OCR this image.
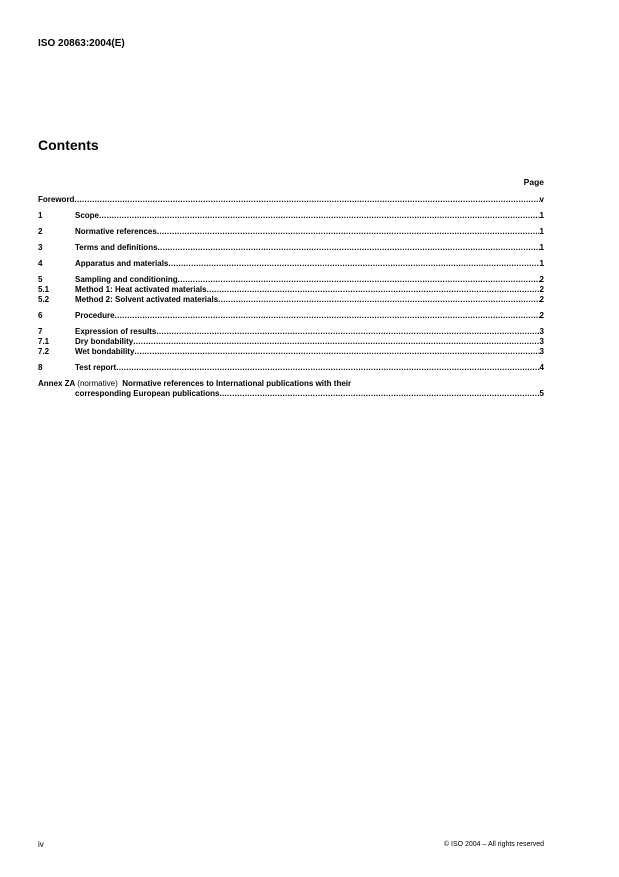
ISO 20863:2004(E)
Contents
Page
Foreword .....	v
1	Scope .....	1
2	Normative references .....	1
3	Terms and definitions .....	1
4	Apparatus and materials .....	1
5	Sampling and conditioning .....	2
5.1	Method 1: Heat activated materials .....	2
5.2	Method 2: Solvent activated materials .....	2
6	Procedure .....	2
7	Expression of results .....	3
7.1	Dry bondability .....	3
7.2	Wet bondability .....	3
8	Test report .....	4
Annex ZA (normative) Normative references to International publications with their
corresponding European publications .....	5
iv	© ISO 2004 – All rights reserved
